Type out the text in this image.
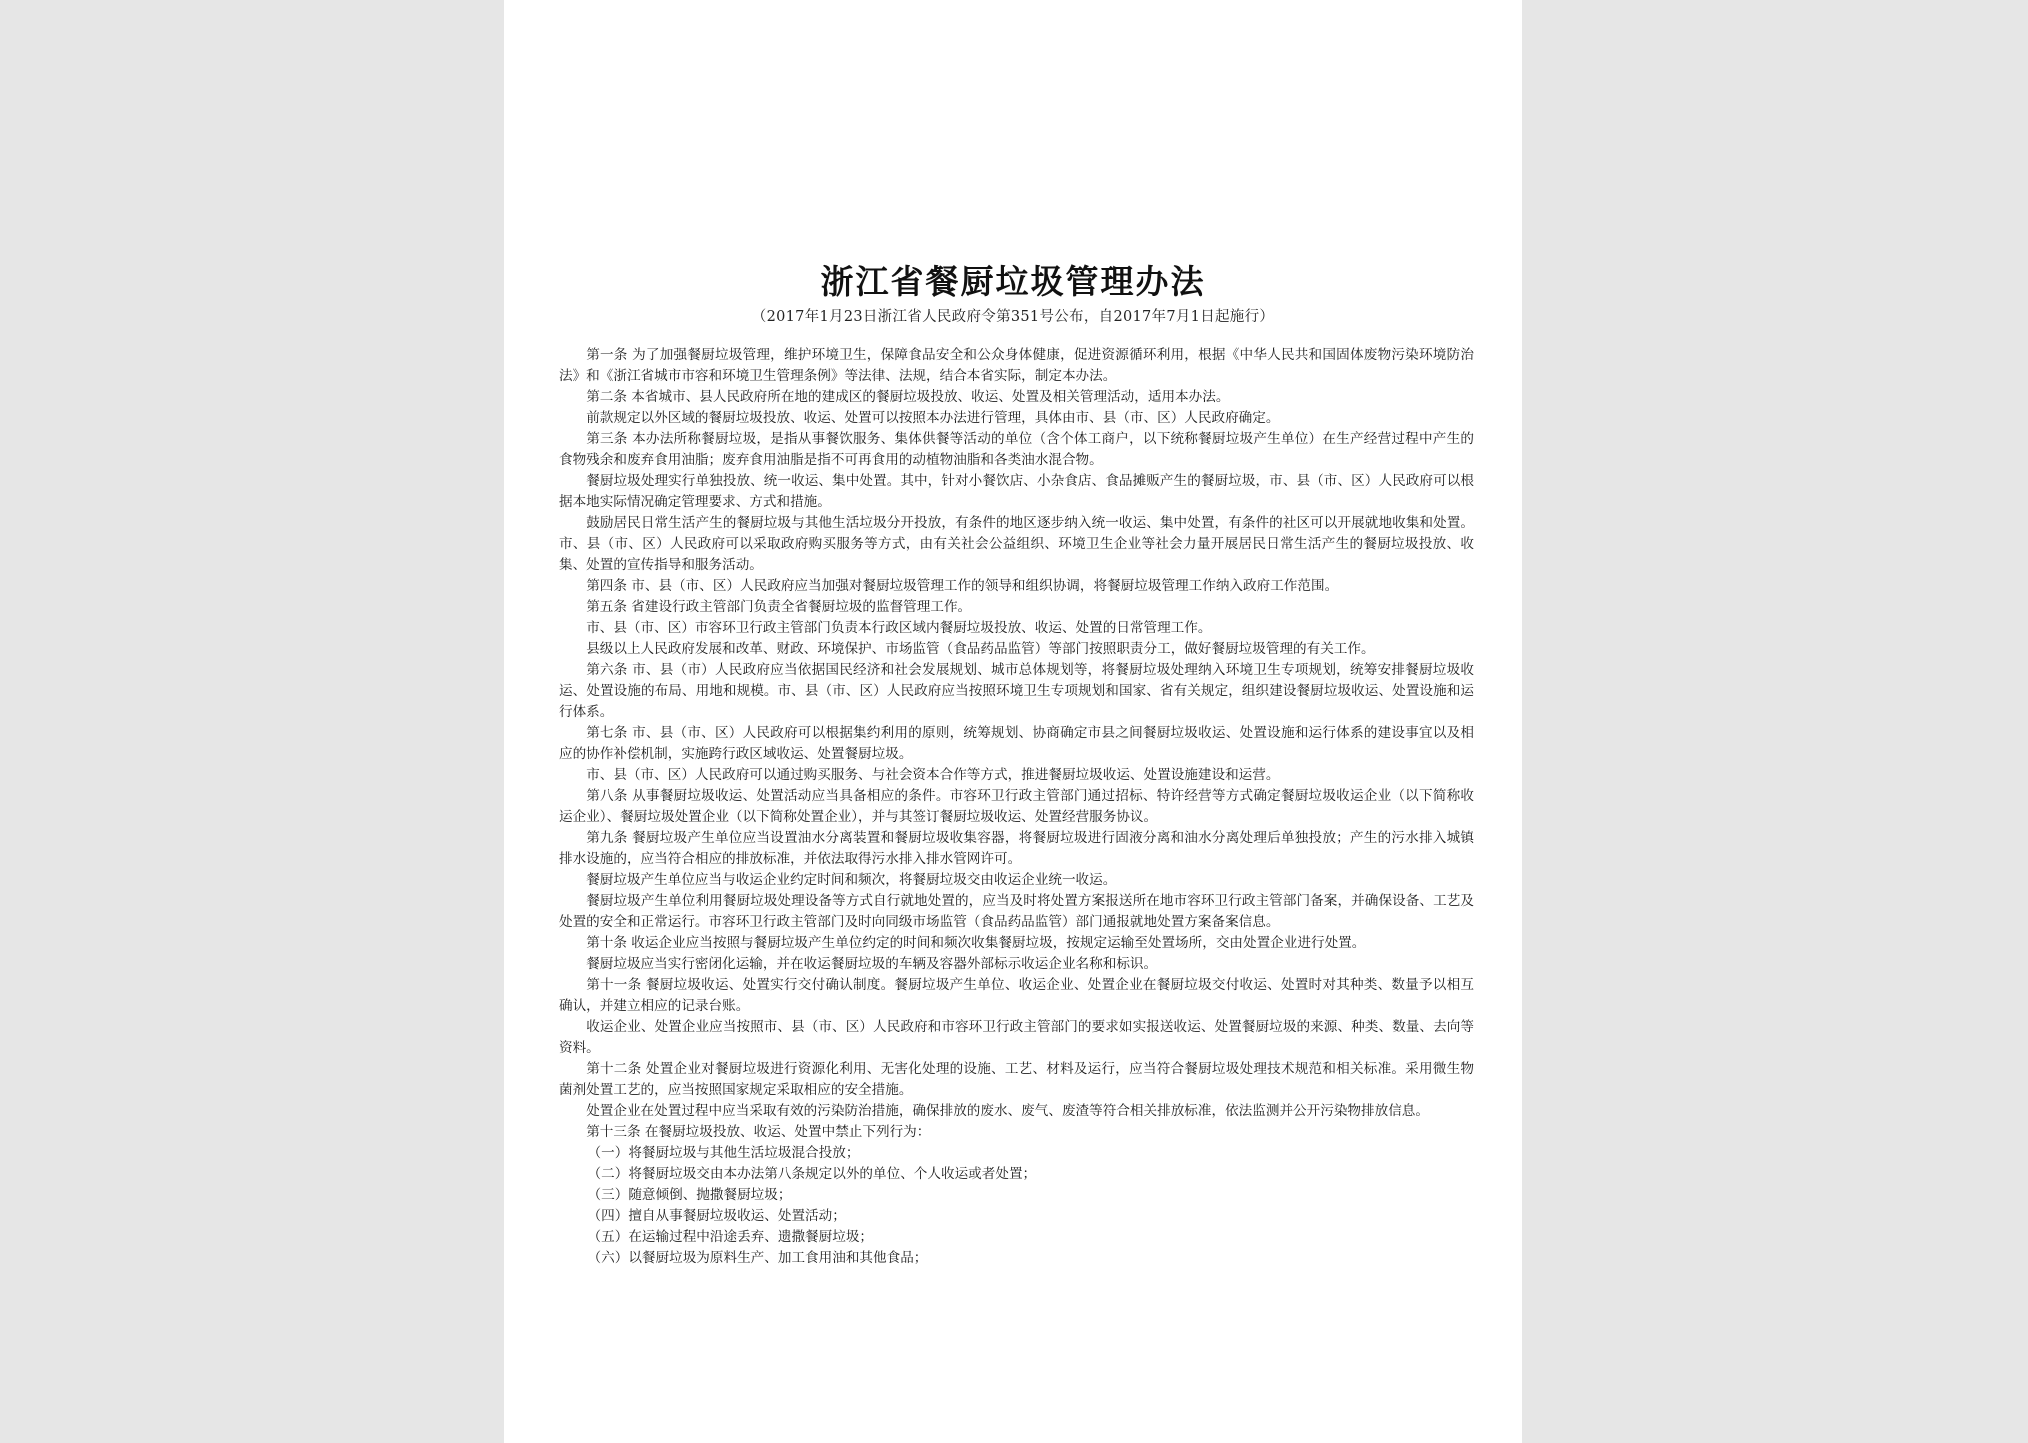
浙江省餐厨垃圾管理办法
（2017年1月23日浙江省人民政府令第351号公布，自2017年7月1日起施行）

第一条 为了加强餐厨垃圾管理，维护环境卫生，保障食品安全和公众身体健康，促进资源循环利用，根据《中华人民共和国固体废物污染环境防治法》和《浙江省城市市容和环境卫生管理条例》等法律、法规，结合本省实际，制定本办法。

第二条 本省城市、县人民政府所在地的建成区的餐厨垃圾投放、收运、处置及相关管理活动，适用本办法。

前款规定以外区域的餐厨垃圾投放、收运、处置可以按照本办法进行管理，具体由市、县（市、区）人民政府确定。

第三条 本办法所称餐厨垃圾，是指从事餐饮服务、集体供餐等活动的单位（含个体工商户，以下统称餐厨垃圾产生单位）在生产经营过程中产生的食物残余和废弃食用油脂；废弃食用油脂是指不可再食用的动植物油脂和各类油水混合物。

餐厨垃圾处理实行单独投放、统一收运、集中处置。其中，针对小餐饮店、小杂食店、食品摊贩产生的餐厨垃圾，市、县（市、区）人民政府可以根据本地实际情况确定管理要求、方式和措施。

鼓励居民日常生活产生的餐厨垃圾与其他生活垃圾分开投放，有条件的地区逐步纳入统一收运、集中处置，有条件的社区可以开展就地收集和处置。市、县（市、区）人民政府可以采取政府购买服务等方式，由有关社会公益组织、环境卫生企业等社会力量开展居民日常生活产生的餐厨垃圾投放、收集、处置的宣传指导和服务活动。

第四条 市、县（市、区）人民政府应当加强对餐厨垃圾管理工作的领导和组织协调，将餐厨垃圾管理工作纳入政府工作范围。

第五条 省建设行政主管部门负责全省餐厨垃圾的监督管理工作。

市、县（市、区）市容环卫行政主管部门负责本行政区域内餐厨垃圾投放、收运、处置的日常管理工作。

县级以上人民政府发展和改革、财政、环境保护、市场监管（食品药品监管）等部门按照职责分工，做好餐厨垃圾管理的有关工作。

第六条 市、县（市）人民政府应当依据国民经济和社会发展规划、城市总体规划等，将餐厨垃圾处理纳入环境卫生专项规划，统筹安排餐厨垃圾收运、处置设施的布局、用地和规模。市、县（市、区）人民政府应当按照环境卫生专项规划和国家、省有关规定，组织建设餐厨垃圾收运、处置设施和运行体系。

第七条 市、县（市、区）人民政府可以根据集约利用的原则，统筹规划、协商确定市县之间餐厨垃圾收运、处置设施和运行体系的建设事宜以及相应的协作补偿机制，实施跨行政区域收运、处置餐厨垃圾。

市、县（市、区）人民政府可以通过购买服务、与社会资本合作等方式，推进餐厨垃圾收运、处置设施建设和运营。

第八条 从事餐厨垃圾收运、处置活动应当具备相应的条件。市容环卫行政主管部门通过招标、特许经营等方式确定餐厨垃圾收运企业（以下简称收运企业）、餐厨垃圾处置企业（以下简称处置企业），并与其签订餐厨垃圾收运、处置经营服务协议。

第九条 餐厨垃圾产生单位应当设置油水分离装置和餐厨垃圾收集容器，将餐厨垃圾进行固液分离和油水分离处理后单独投放；产生的污水排入城镇排水设施的，应当符合相应的排放标准，并依法取得污水排入排水管网许可。

餐厨垃圾产生单位应当与收运企业约定时间和频次，将餐厨垃圾交由收运企业统一收运。

餐厨垃圾产生单位利用餐厨垃圾处理设备等方式自行就地处置的，应当及时将处置方案报送所在地市容环卫行政主管部门备案，并确保设备、工艺及处置的安全和正常运行。市容环卫行政主管部门及时向同级市场监管（食品药品监管）部门通报就地处置方案备案信息。

第十条 收运企业应当按照与餐厨垃圾产生单位约定的时间和频次收集餐厨垃圾，按规定运输至处置场所，交由处置企业进行处置。

餐厨垃圾应当实行密闭化运输，并在收运餐厨垃圾的车辆及容器外部标示收运企业名称和标识。

第十一条 餐厨垃圾收运、处置实行交付确认制度。餐厨垃圾产生单位、收运企业、处置企业在餐厨垃圾交付收运、处置时对其种类、数量予以相互确认，并建立相应的记录台账。

收运企业、处置企业应当按照市、县（市、区）人民政府和市容环卫行政主管部门的要求如实报送收运、处置餐厨垃圾的来源、种类、数量、去向等资料。

第十二条 处置企业对餐厨垃圾进行资源化利用、无害化处理的设施、工艺、材料及运行，应当符合餐厨垃圾处理技术规范和相关标准。采用微生物菌剂处置工艺的，应当按照国家规定采取相应的安全措施。

处置企业在处置过程中应当采取有效的污染防治措施，确保排放的废水、废气、废渣等符合相关排放标准，依法监测并公开污染物排放信息。

第十三条 在餐厨垃圾投放、收运、处置中禁止下列行为：

（一）将餐厨垃圾与其他生活垃圾混合投放；

（二）将餐厨垃圾交由本办法第八条规定以外的单位、个人收运或者处置；

（三）随意倾倒、抛撒餐厨垃圾；

（四）擅自从事餐厨垃圾收运、处置活动；

（五）在运输过程中沿途丢弃、遗撒餐厨垃圾；

（六）以餐厨垃圾为原料生产、加工食用油和其他食品；
